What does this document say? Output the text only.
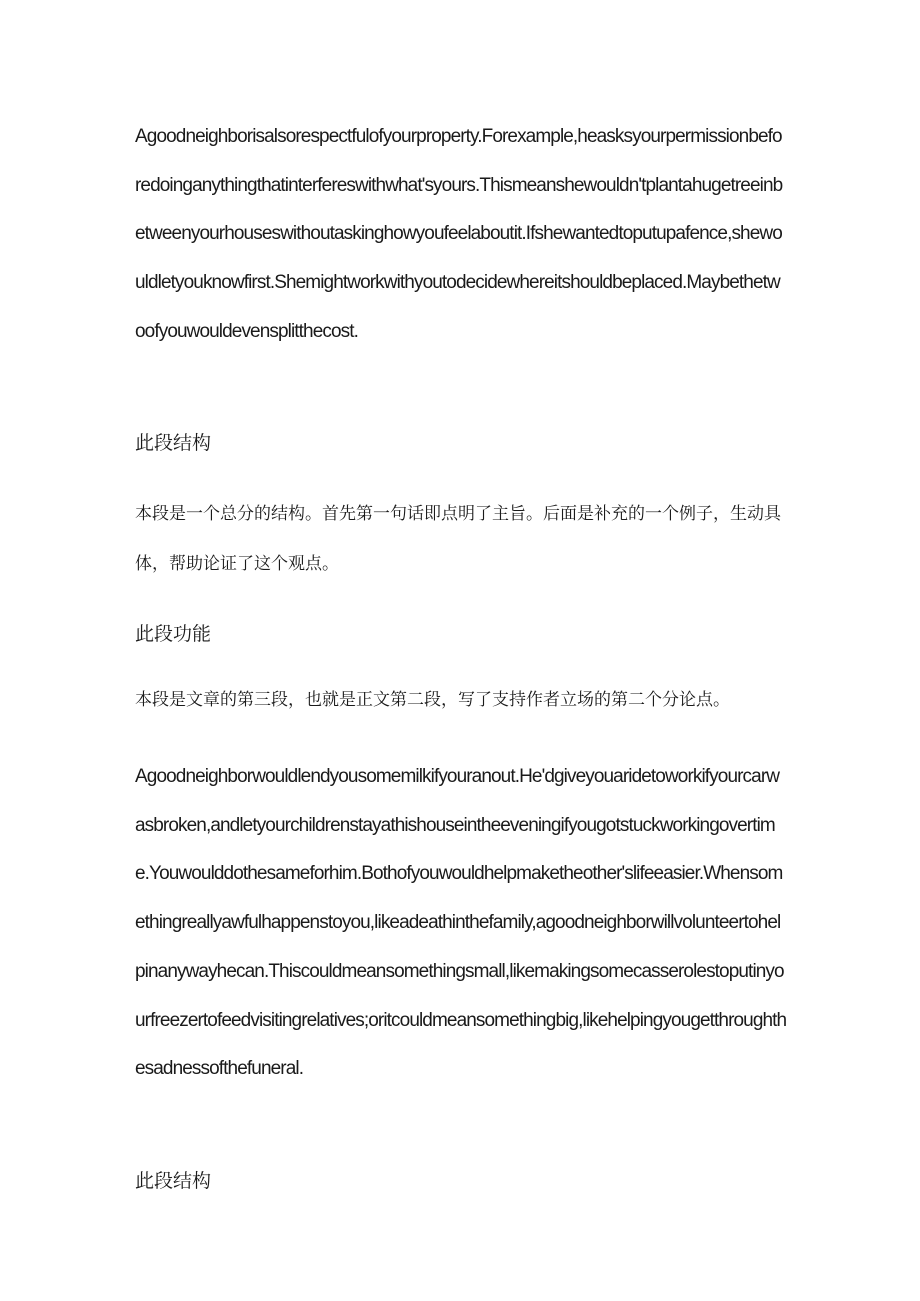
Agoodneighborisalsorespectfulofyourproperty.Forexample,heasksyourpermissionbeforedoinganythingthatinterfereswithwhat'syours.Thismeanshewouldn'tplantahugetreeinbetweenyourhouseswithoutaskinghowyoufeelaboutit.Ifshewantedtoputupafence,shewouldletyouknowfirst.Shemightworkwithyoutodecidewhereitshouldbeplaced.Maybethetwoofyouwouldevensplitthecost.

此段结构

本段是一个总分的结构。首先第一句话即点明了主旨。后面是补充的一个例子，生动具体，帮助论证了这个观点。

此段功能

本段是文章的第三段，也就是正文第二段，写了支持作者立场的第二个分论点。

Agoodneighborwouldlendyousomemilkifyouranout.He'dgiveyouaridetoworkifyourcarwasbroken,andletyourchildrenstayathishouseintheeveningifyougotstuckworkingovertime.Youwoulddothesameforhim.Bothofyouwouldhelpmaketheother'slifeeasier.Whensomethingreallyawfulhappenstoyou,likeadeathinthefamily,agoodneighborwillvolunteertohelpinanywayhecan.Thiscouldmeansomethingsmall,likemakingsomecasserolestoputinyourfreezertofeedvisitingrelatives;oritcouldmeansomethingbig,likehelpingyougetthroughthesadnessofthefuneral.

此段结构
